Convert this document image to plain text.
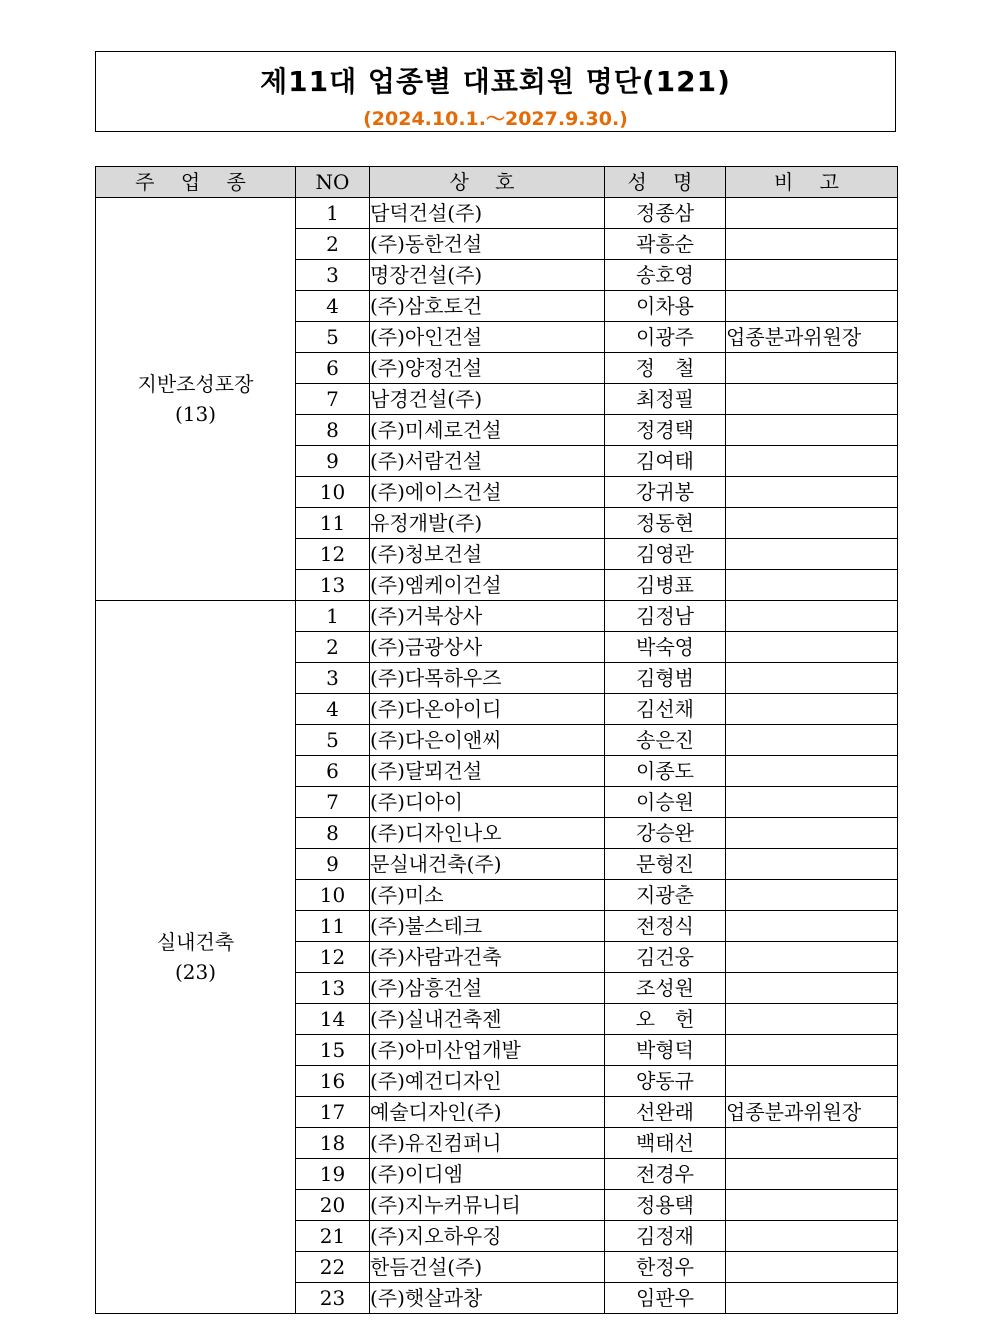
제11대 업종별 대표회원 명단(121)
(2024.10.1.～2027.9.30.)
주 업 종	NO	상 호	성 명	비 고

지반조성포장
(13)	1	담덕건설(주)	정종삼	
	2	(주)동한건설	곽흥순	
	3	명장건설(주)	송호영	
	4	(주)삼호토건	이차용	
	5	(주)아인건설	이광주	업종분과위원장
	6	(주)양정건설	정　철	
	7	남경건설(주)	최정필	
	8	(주)미세로건설	정경택	
	9	(주)서람건설	김여태	
	10	(주)에이스건설	강귀봉	
	11	유정개발(주)	정동현	
	12	(주)청보건설	김영관	
	13	(주)엠케이건설	김병표	

실내건축
(23)	1	(주)거북상사	김정남	
	2	(주)금광상사	박숙영	
	3	(주)다목하우즈	김형범	
	4	(주)다온아이디	김선채	
	5	(주)다은이앤씨	송은진	
	6	(주)달뫼건설	이종도	
	7	(주)디아이	이승원	
	8	(주)디자인나오	강승완	
	9	문실내건축(주)	문형진	
	10	(주)미소	지광춘	
	11	(주)불스테크	전정식	
	12	(주)사람과건축	김건웅	
	13	(주)삼흥건설	조성원	
	14	(주)실내건축젠	오　헌	
	15	(주)아미산업개발	박형덕	
	16	(주)예건디자인	양동규	
	17	예술디자인(주)	선완래	업종분과위원장
	18	(주)유진컴퍼니	백태선	
	19	(주)이디엠	전경우	
	20	(주)지누커뮤니티	정용택	
	21	(주)지오하우징	김정재	
	22	한듬건설(주)	한정우	
	23	(주)햇살과창	임판우	
